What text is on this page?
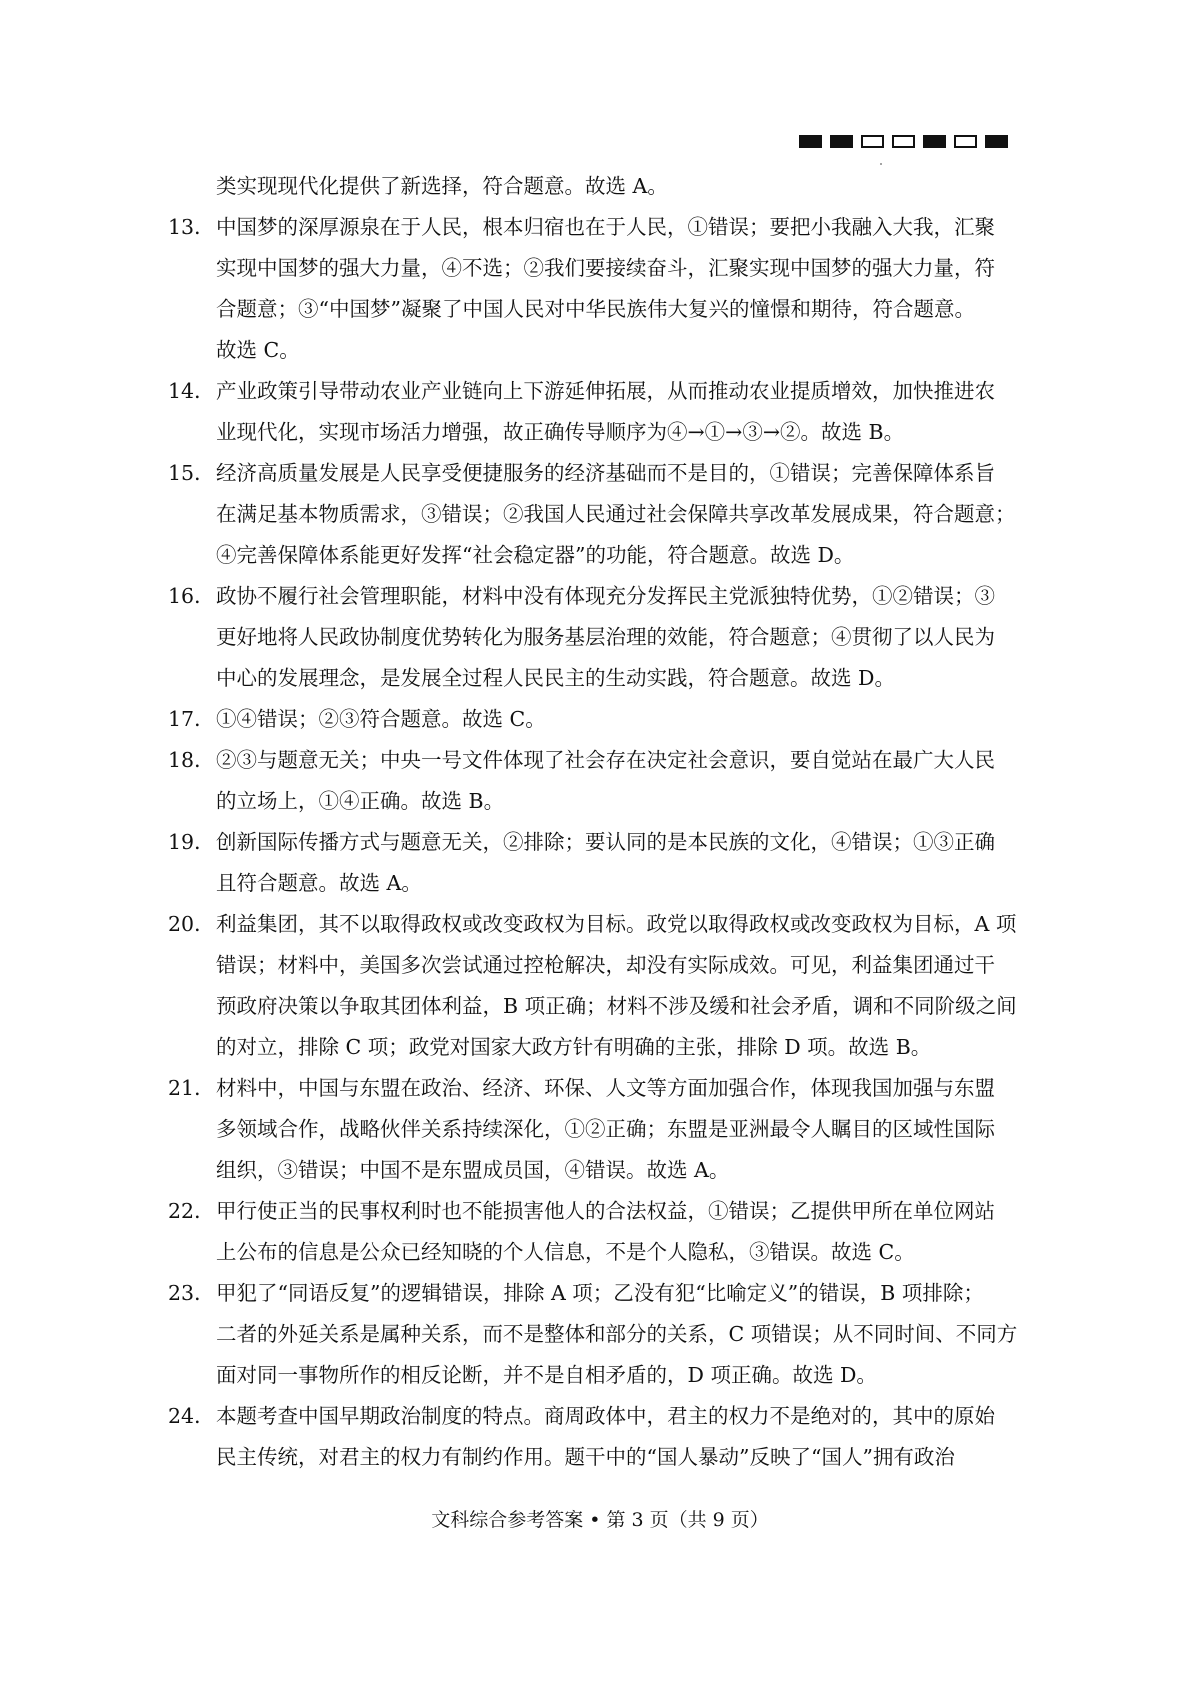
类实现现代化提供了新选择，符合题意。故选 A。
13． 中国梦的深厚源泉在于人民，根本归宿也在于人民，①错误；要把小我融入大我，汇聚
实现中国梦的强大力量，④不选；②我们要接续奋斗，汇聚实现中国梦的强大力量，符
合题意；③“中国梦”凝聚了中国人民对中华民族伟大复兴的憧憬和期待，符合题意。
故选 C。
14． 产业政策引导带动农业产业链向上下游延伸拓展，从而推动农业提质增效，加快推进农
业现代化，实现市场活力增强，故正确传导顺序为④→①→③→②。故选 B。
15． 经济高质量发展是人民享受便捷服务的经济基础而不是目的，①错误；完善保障体系旨
在满足基本物质需求，③错误；②我国人民通过社会保障共享改革发展成果，符合题意；
④完善保障体系能更好发挥“社会稳定器”的功能，符合题意。故选 D。
16． 政协不履行社会管理职能，材料中没有体现充分发挥民主党派独特优势，①②错误；③
更好地将人民政协制度优势转化为服务基层治理的效能，符合题意；④贯彻了以人民为
中心的发展理念，是发展全过程人民民主的生动实践，符合题意。故选 D。
17． ①④错误；②③符合题意。故选 C。
18． ②③与题意无关；中央一号文件体现了社会存在决定社会意识，要自觉站在最广大人民
的立场上，①④正确。故选 B。
19． 创新国际传播方式与题意无关，②排除；要认同的是本民族的文化，④错误；①③正确
且符合题意。故选 A。
20． 利益集团，其不以取得政权或改变政权为目标。政党以取得政权或改变政权为目标，A 项
错误；材料中，美国多次尝试通过控枪解决，却没有实际成效。可见，利益集团通过干
预政府决策以争取其团体利益，B 项正确；材料不涉及缓和社会矛盾，调和不同阶级之间
的对立，排除 C 项；政党对国家大政方针有明确的主张，排除 D 项。故选 B。
21． 材料中，中国与东盟在政治、经济、环保、人文等方面加强合作，体现我国加强与东盟
多领域合作，战略伙伴关系持续深化，①②正确；东盟是亚洲最令人瞩目的区域性国际
组织，③错误；中国不是东盟成员国，④错误。故选 A。
22． 甲行使正当的民事权利时也不能损害他人的合法权益，①错误；乙提供甲所在单位网站
上公布的信息是公众已经知晓的个人信息，不是个人隐私，③错误。故选 C。
23． 甲犯了“同语反复”的逻辑错误，排除 A 项；乙没有犯“比喻定义”的错误，B 项排除；
二者的外延关系是属种关系，而不是整体和部分的关系，C 项错误；从不同时间、不同方
面对同一事物所作的相反论断，并不是自相矛盾的，D 项正确。故选 D。
24． 本题考查中国早期政治制度的特点。商周政体中，君主的权力不是绝对的，其中的原始
民主传统，对君主的权力有制约作用。题干中的“国人暴动”反映了“国人”拥有政治
文科综合参考答案 • 第 3 页（共 9 页）
